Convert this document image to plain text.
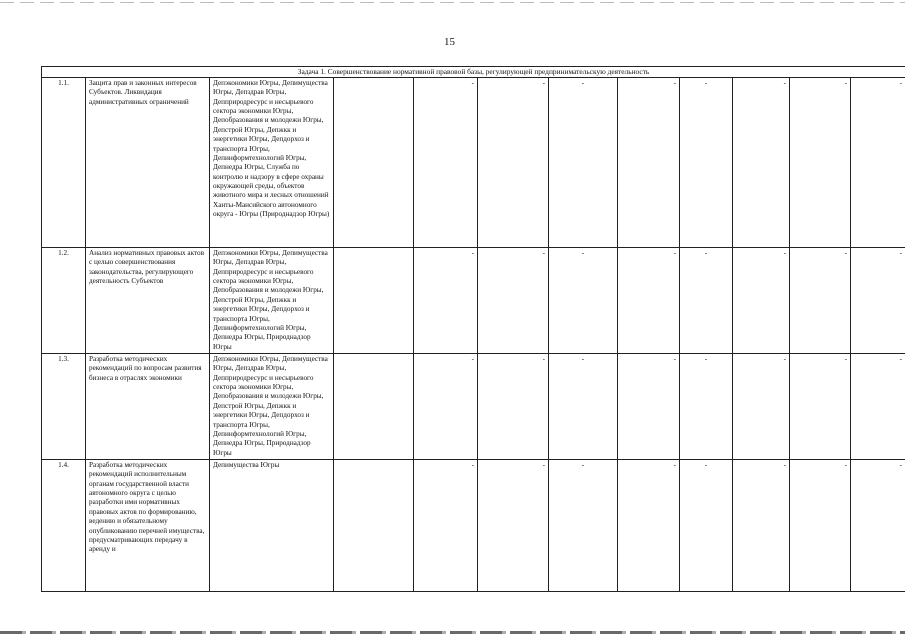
15
Задача 1. Совершенствование нормативной правовой базы, регулирующей предпринимательскую деятельность											
1.1.	Защита прав и законных интересов Субъектов. Ликвидация административных ограничений	Депэкономики Югры, Депимущества Югры, Депздрав Югры, Депприродресурс и несырьевого сектора экономики Югры, Депобразования и молодежи Югры, Депстрой Югры, Депжкк и энергетики Югры, Депдорхоз и транспорта Югры, Депинформтехнологий Югры, Депнедра Югры, Служба по контролю и надзору в сфере охраны окружающей среды, объектов животного мира и лесных отношений Ханты-Мансийского автономного округа - Югры (Природнадзор Югры)		-	-	-	-	-	-	-	-
1.2.	Анализ нормативных правовых актов с целью совершенствования законодательства, регулирующего деятельность Субъектов	Депэкономики Югры, Депимущества Югры, Депздрав Югры, Депприродресурс и несырьевого сектора экономики Югры, Депобразования и молодежи Югры, Депстрой Югры, Депжкк и энергетики Югры, Депдорхоз и транспорта Югры, Депинформтехнологий Югры, Депнедра Югры, Природнадзор Югры		-	-	-	-	-	-	-	-
1.3.	Разработка методических рекомендаций по вопросам развития бизнеса в отраслях экономики	Депэкономики Югры, Депимущества Югры, Депздрав Югры, Депприродресурс и несырьевого сектора экономики Югры, Депобразования и молодежи Югры, Депстрой Югры, Депжкк и энергетики Югры, Депдорхоз и транспорта Югры, Депинформтехнологий Югры, Депнедра Югры, Природнадзор Югры		-	-	-	-	-	-	-	-
1.4.	Разработка методических рекомендаций исполнительным органам государственной власти автономного округа с целью разработки ими нормативных правовых актов по формированию, ведению и обязательному опубликованию перечней имущества, предусматривающих передачу в аренду и	Депимущества Югры		-	-	-	-	-	-	-	-
